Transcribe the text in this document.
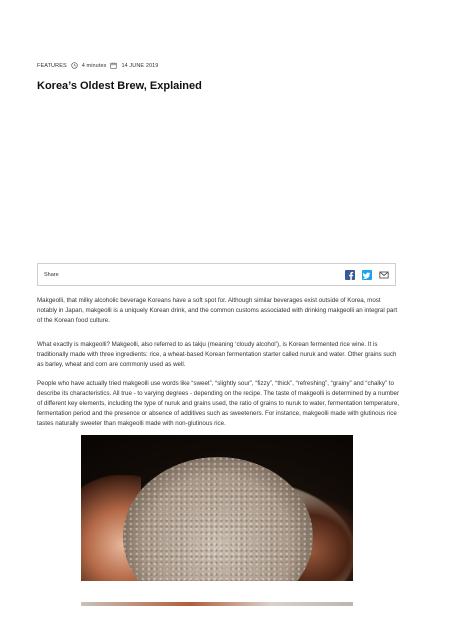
FEATURES	4 minutes	14 JUNE 2019
Korea’s Oldest Brew, Explained
Share

Makgeolli, that milky alcoholic beverage Koreans have a soft spot for. Although similar beverages exist outside of Korea, most notably in Japan, makgeolli is a uniquely Korean drink, and the common customs associated with drinking makgeolli an integral part of the Korean food culture.

What exactly is makgeolli? Makgeolli, also referred to as takju (meaning ‘cloudy alcohol’), is Korean fermented rice wine. It is traditionally made with three ingredients: rice, a wheat-based Korean fermentation starter called nuruk and water. Other grains such as barley, wheat and corn are commonly used as well.

People who have actually tried makgeolli use words like “sweet”, “slightly sour”, “fizzy”, “thick”, “refreshing”, “grainy” and “chalky” to describe its characteristics. All true - to varying degrees - depending on the recipe. The taste of makgeolli is determined by a number of different key elements, including the type of nuruk and grains used, the ratio of grains to nuruk to water, fermentation temperature, fermentation period and the presence or absence of additives such as sweeteners. For instance, makgeolli made with glutinous rice tastes naturally sweeter than makgeolli made with non-glutinous rice.
